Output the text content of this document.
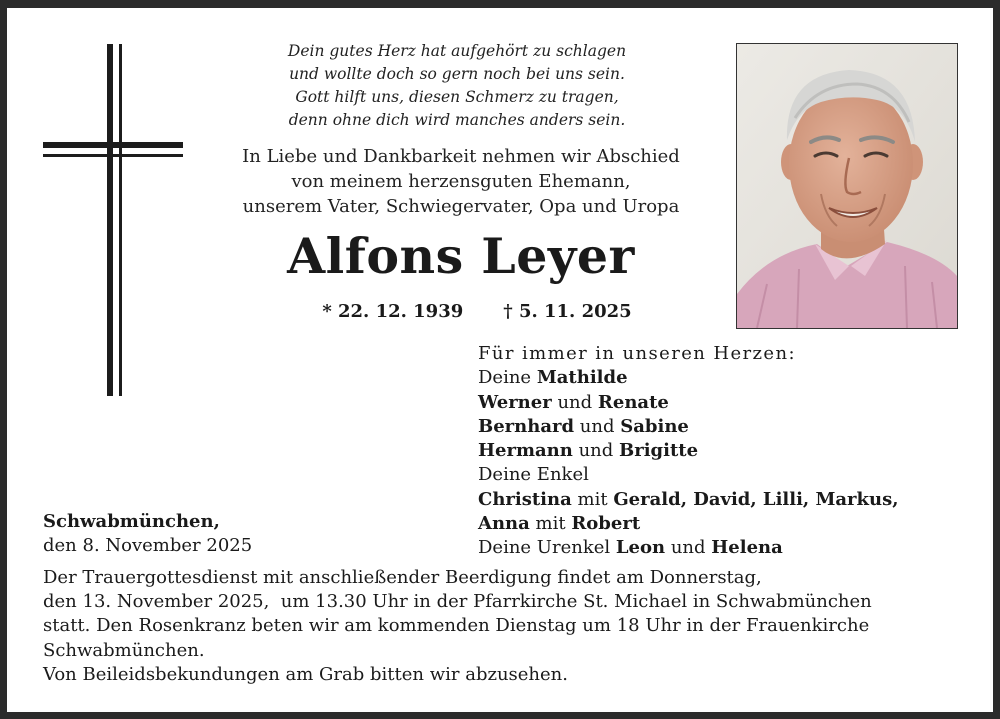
Dein gutes Herz hat aufgehört zu schlagen
und wollte doch so gern noch bei uns sein.
Gott hilft uns, diesen Schmerz zu tragen,
denn ohne dich wird manches anders sein.
In Liebe und Dankbarkeit nehmen wir Abschied
von meinem herzensguten Ehemann,
unserem Vater, Schwiegervater, Opa und Uropa
Alfons Leyer
* 22. 12. 1939 † 5. 11. 2025
Für immer in unseren Herzen:
Deine Mathilde
Werner und Renate
Bernhard und Sabine
Hermann und Brigitte
Deine Enkel
Christina mit Gerald, David, Lilli, Markus,
Anna mit Robert
Deine Urenkel Leon und Helena
Schwabmünchen,
den 8. November 2025
Der Trauergottesdienst mit anschließender Beerdigung findet am Donnerstag,
den 13. November 2025,  um 13.30 Uhr in der Pfarrkirche St. Michael in Schwabmünchen
statt. Den Rosenkranz beten wir am kommenden Dienstag um 18 Uhr in der Frauenkirche
Schwabmünchen.
Von Beileidsbekundungen am Grab bitten wir abzusehen.
